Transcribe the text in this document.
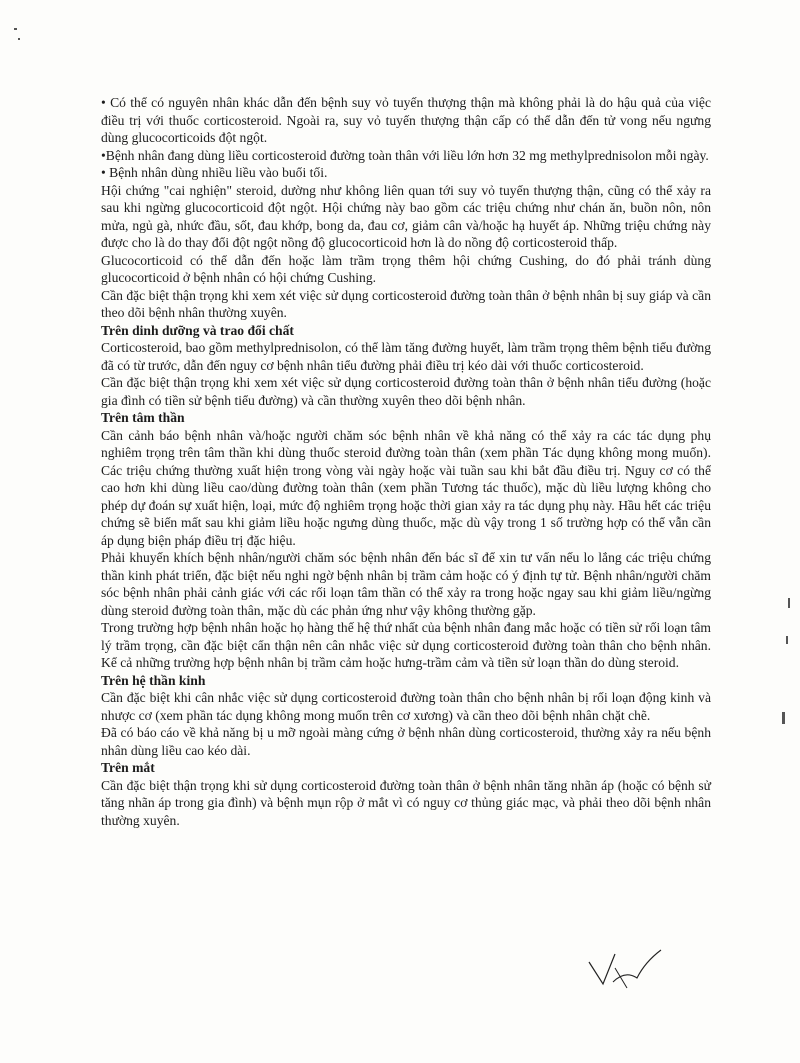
• Có thể có nguyên nhân khác dẫn đến bệnh suy vỏ tuyến thượng thận mà không phải là do hậu quả của việc điều trị với thuốc corticosteroid. Ngoài ra, suy vỏ tuyến thượng thận cấp có thể dẫn đến tử vong nếu ngưng dùng glucocorticoids đột ngột.

•Bệnh nhân đang dùng liều corticosteroid đường toàn thân với liều lớn hơn 32 mg methylprednisolon mỗi ngày.

• Bệnh nhân dùng nhiều liều vào buổi tối.

Hội chứng "cai nghiện" steroid, dường như không liên quan tới suy vỏ tuyến thượng thận, cũng có thể xảy ra sau khi ngừng glucocorticoid đột ngột. Hội chứng này bao gồm các triệu chứng như chán ăn, buồn nôn, nôn mửa, ngủ gà, nhức đầu, sốt, đau khớp, bong da, đau cơ, giảm cân và/hoặc hạ huyết áp. Những triệu chứng này được cho là do thay đổi đột ngột nồng độ glucocorticoid hơn là do nồng độ corticosteroid thấp.

Glucocorticoid có thể dẫn đến hoặc làm trầm trọng thêm hội chứng Cushing, do đó phải tránh dùng glucocorticoid ở bệnh nhân có hội chứng Cushing.

Cần đặc biệt thận trọng khi xem xét việc sử dụng corticosteroid đường toàn thân ở bệnh nhân bị suy giáp và cần theo dõi bệnh nhân thường xuyên.

Trên dinh dưỡng và trao đổi chất

Corticosteroid, bao gồm methylprednisolon, có thể làm tăng đường huyết, làm trầm trọng thêm bệnh tiểu đường đã có từ trước, dẫn đến nguy cơ bệnh nhân tiểu đường phải điều trị kéo dài với thuốc corticosteroid.

Cần đặc biệt thận trọng khi xem xét việc sử dụng corticosteroid đường toàn thân ở bệnh nhân tiểu đường (hoặc gia đình có tiền sử bệnh tiểu đường) và cần thường xuyên theo dõi bệnh nhân.

Trên tâm thần

Cần cảnh báo bệnh nhân và/hoặc người chăm sóc bệnh nhân về khả năng có thể xảy ra các tác dụng phụ nghiêm trọng trên tâm thần khi dùng thuốc steroid đường toàn thân (xem phần Tác dụng không mong muốn). Các triệu chứng thường xuất hiện trong vòng vài ngày hoặc vài tuần sau khi bắt đầu điều trị. Nguy cơ có thể cao hơn khi dùng liều cao/dùng đường toàn thân (xem phần Tương tác thuốc), mặc dù liều lượng không cho phép dự đoán sự xuất hiện, loại, mức độ nghiêm trọng hoặc thời gian xảy ra tác dụng phụ này. Hầu hết các triệu chứng sẽ biến mất sau khi giảm liều hoặc ngưng dùng thuốc, mặc dù vậy trong 1 số trường hợp có thể vẫn cần áp dụng biện pháp điều trị đặc hiệu.

Phải khuyến khích bệnh nhân/người chăm sóc bệnh nhân đến bác sĩ để xin tư vấn nếu lo lắng các triệu chứng thần kinh phát triển, đặc biệt nếu nghi ngờ bệnh nhân bị trầm cảm hoặc có ý định tự tử. Bệnh nhân/người chăm sóc bệnh nhân phải cảnh giác với các rối loạn tâm thần có thể xảy ra trong hoặc ngay sau khi giảm liều/ngừng dùng steroid đường toàn thân, mặc dù các phản ứng như vậy không thường gặp.

Trong trường hợp bệnh nhân hoặc họ hàng thế hệ thứ nhất của bệnh nhân đang mắc hoặc có tiền sử rối loạn tâm lý trầm trọng, cần đặc biệt cẩn thận nên cân nhắc việc sử dụng corticosteroid đường toàn thân cho bệnh nhân. Kể cả những trường hợp bệnh nhân bị trầm cảm hoặc hưng-trầm cảm và tiền sử loạn thần do dùng steroid.

Trên hệ thần kinh

Cần đặc biệt khi cân nhắc việc sử dụng corticosteroid đường toàn thân cho bệnh nhân bị rối loạn động kinh và nhược cơ (xem phần tác dụng không mong muốn trên cơ xương) và cần theo dõi bệnh nhân chặt chẽ.

Đã có báo cáo về khả năng bị u mỡ ngoài màng cứng ở bệnh nhân dùng corticosteroid, thường xảy ra nếu bệnh nhân dùng liều cao kéo dài.

Trên mắt

Cần đặc biệt thận trọng khi sử dụng corticosteroid đường toàn thân ở bệnh nhân tăng nhãn áp (hoặc có bệnh sử tăng nhãn áp trong gia đình) và bệnh mụn rộp ở mắt vì có nguy cơ thủng giác mạc, và phải theo dõi bệnh nhân thường xuyên.
